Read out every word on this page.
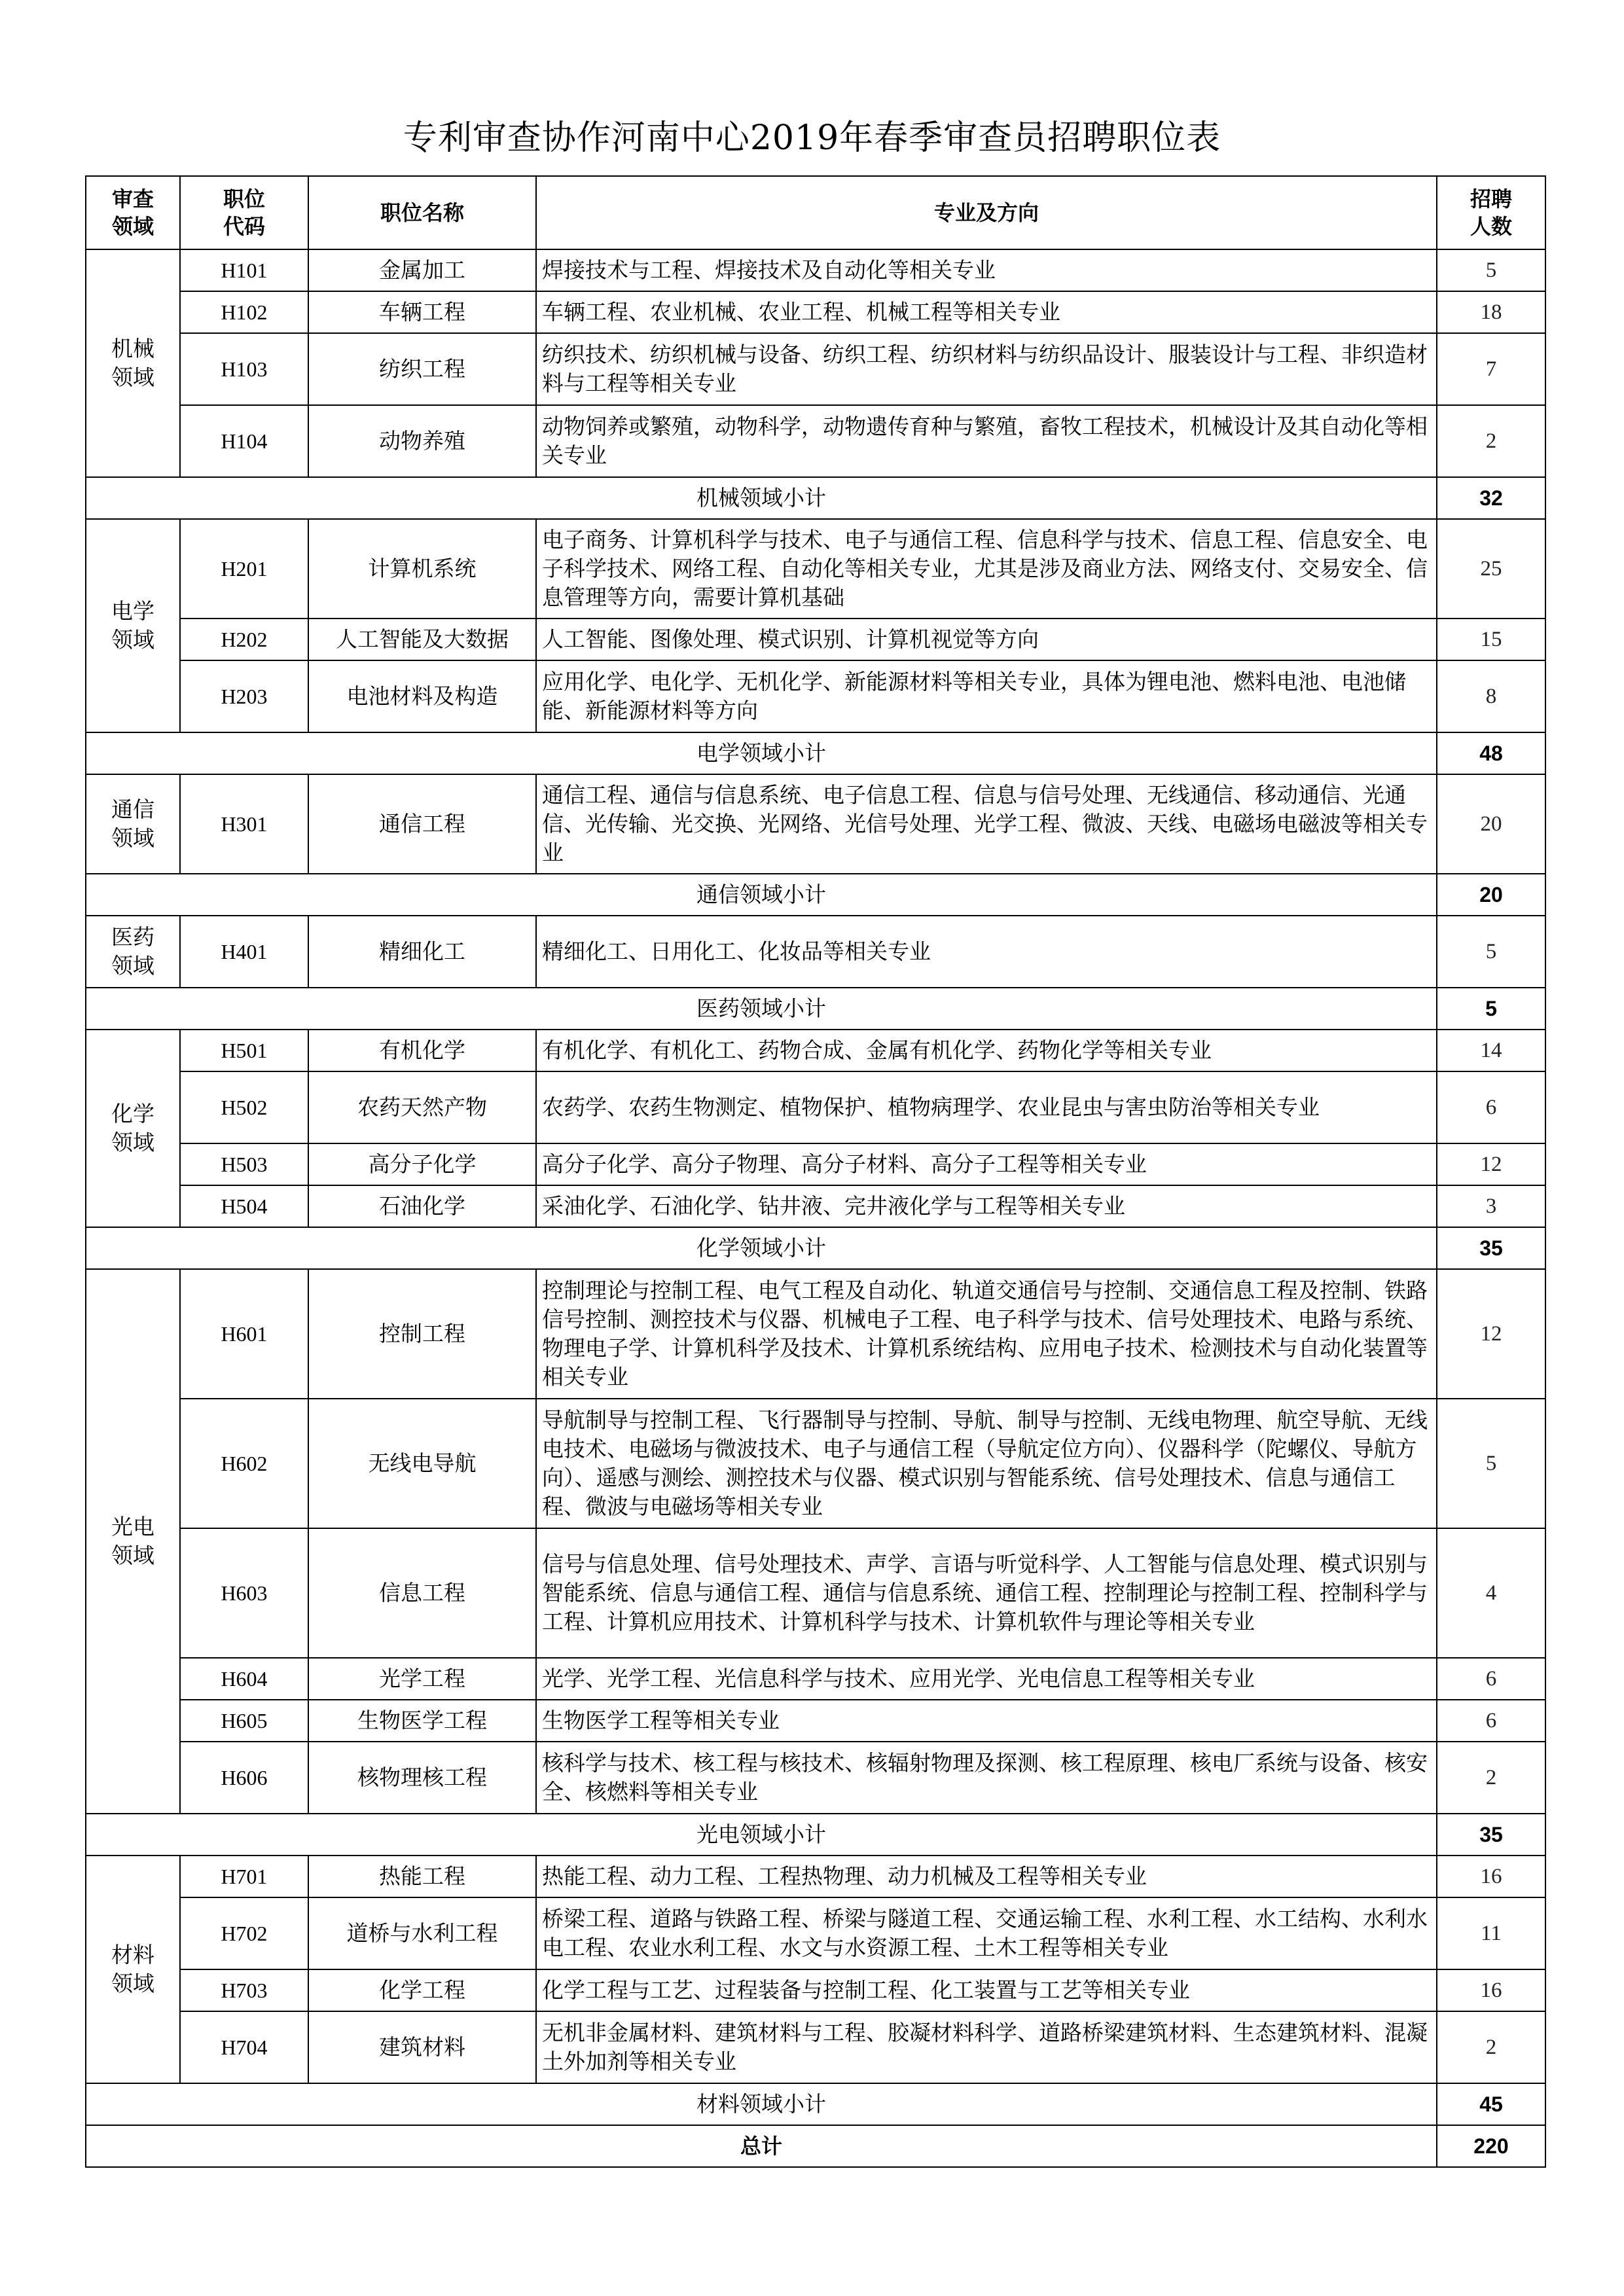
专利审查协作河南中心2019年春季审查员招聘职位表
审查领域	职位代码	职位名称	专业及方向	招聘人数
机械领域	H101	金属加工	焊接技术与工程、焊接技术及自动化等相关专业	5
	H102	车辆工程	车辆工程、农业机械、农业工程、机械工程等相关专业	18
	H103	纺织工程	纺织技术、纺织机械与设备、纺织工程、纺织材料与纺织品设计、服装设计与工程、非织造材料与工程等相关专业	7
	H104	动物养殖	动物饲养或繁殖，动物科学，动物遗传育种与繁殖，畜牧工程技术，机械设计及其自动化等相关专业	2
机械领域小计				32
电学领域	H201	计算机系统	电子商务、计算机科学与技术、电子与通信工程、信息科学与技术、信息工程、信息安全、电子科学技术、网络工程、自动化等相关专业，尤其是涉及商业方法、网络支付、交易安全、信息管理等方向，需要计算机基础	25
	H202	人工智能及大数据	人工智能、图像处理、模式识别、计算机视觉等方向	15
	H203	电池材料及构造	应用化学、电化学、无机化学、新能源材料等相关专业，具体为锂电池、燃料电池、电池储能、新能源材料等方向	8
电学领域小计				48
通信领域	H301	通信工程	通信工程、通信与信息系统、电子信息工程、信息与信号处理、无线通信、移动通信、光通信、光传输、光交换、光网络、光信号处理、光学工程、微波、天线、电磁场电磁波等相关专业	20
通信领域小计				20
医药领域	H401	精细化工	精细化工、日用化工、化妆品等相关专业	5
医药领域小计				5
化学领域	H501	有机化学	有机化学、有机化工、药物合成、金属有机化学、药物化学等相关专业	14
	H502	农药天然产物	农药学、农药生物测定、植物保护、植物病理学、农业昆虫与害虫防治等相关专业	6
	H503	高分子化学	高分子化学、高分子物理、高分子材料、高分子工程等相关专业	12
	H504	石油化学	采油化学、石油化学、钻井液、完井液化学与工程等相关专业	3
化学领域小计				35
光电领域	H601	控制工程	控制理论与控制工程、电气工程及自动化、轨道交通信号与控制、交通信息工程及控制、铁路信号控制、测控技术与仪器、机械电子工程、电子科学与技术、信号处理技术、电路与系统、物理电子学、计算机科学及技术、计算机系统结构、应用电子技术、检测技术与自动化装置等相关专业	12
	H602	无线电导航	导航制导与控制工程、飞行器制导与控制、导航、制导与控制、无线电物理、航空导航、无线电技术、电磁场与微波技术、电子与通信工程（导航定位方向）、仪器科学（陀螺仪、导航方向）、遥感与测绘、测控技术与仪器、模式识别与智能系统、信号处理技术、信息与通信工程、微波与电磁场等相关专业	5
	H603	信息工程	信号与信息处理、信号处理技术、声学、言语与听觉科学、人工智能与信息处理、模式识别与智能系统、信息与通信工程、通信与信息系统、通信工程、控制理论与控制工程、控制科学与工程、计算机应用技术、计算机科学与技术、计算机软件与理论等相关专业	4
	H604	光学工程	光学、光学工程、光信息科学与技术、应用光学、光电信息工程等相关专业	6
	H605	生物医学工程	生物医学工程等相关专业	6
	H606	核物理核工程	核科学与技术、核工程与核技术、核辐射物理及探测、核工程原理、核电厂系统与设备、核安全、核燃料等相关专业	2
光电领域小计				35
材料领域	H701	热能工程	热能工程、动力工程、工程热物理、动力机械及工程等相关专业	16
	H702	道桥与水利工程	桥梁工程、道路与铁路工程、桥梁与隧道工程、交通运输工程、水利工程、水工结构、水利水电工程、农业水利工程、水文与水资源工程、土木工程等相关专业	11
	H703	化学工程	化学工程与工艺、过程装备与控制工程、化工装置与工艺等相关专业	16
	H704	建筑材料	无机非金属材料、建筑材料与工程、胶凝材料科学、道路桥梁建筑材料、生态建筑材料、混凝土外加剂等相关专业	2
材料领域小计				45
总计				220
